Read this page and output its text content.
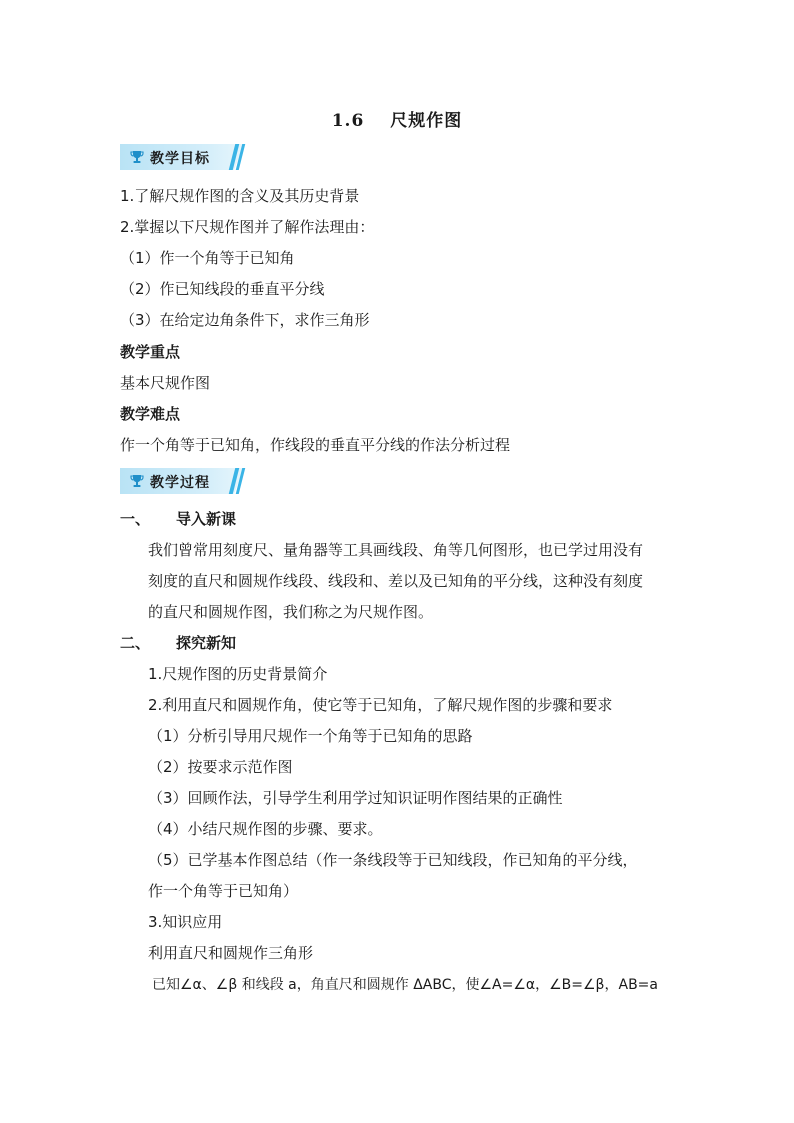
1.6 尺规作图
教学目标
1.了解尺规作图的含义及其历史背景
2.掌握以下尺规作图并了解作法理由：
（1）作一个角等于已知角
（2）作已知线段的垂直平分线
（3）在给定边角条件下，求作三角形
教学重点
基本尺规作图
教学难点
作一个角等于已知角，作线段的垂直平分线的作法分析过程
教学过程
一、 导入新课
我们曾常用刻度尺、量角器等工具画线段、角等几何图形，也已学过用没有
刻度的直尺和圆规作线段、线段和、差以及已知角的平分线，这种没有刻度
的直尺和圆规作图，我们称之为尺规作图。
二、 探究新知
1.尺规作图的历史背景简介
2.利用直尺和圆规作角，使它等于已知角，了解尺规作图的步骤和要求
（1）分析引导用尺规作一个角等于已知角的思路
（2）按要求示范作图
（3）回顾作法，引导学生利用学过知识证明作图结果的正确性
（4）小结尺规作图的步骤、要求。
（5）已学基本作图总结（作一条线段等于已知线段，作已知角的平分线，
作一个角等于已知角）
3.知识应用
利用直尺和圆规作三角形
已知∠α、∠β 和线段 a，角直尺和圆规作 ΔABC，使∠A=∠α，∠B=∠β，AB=a
